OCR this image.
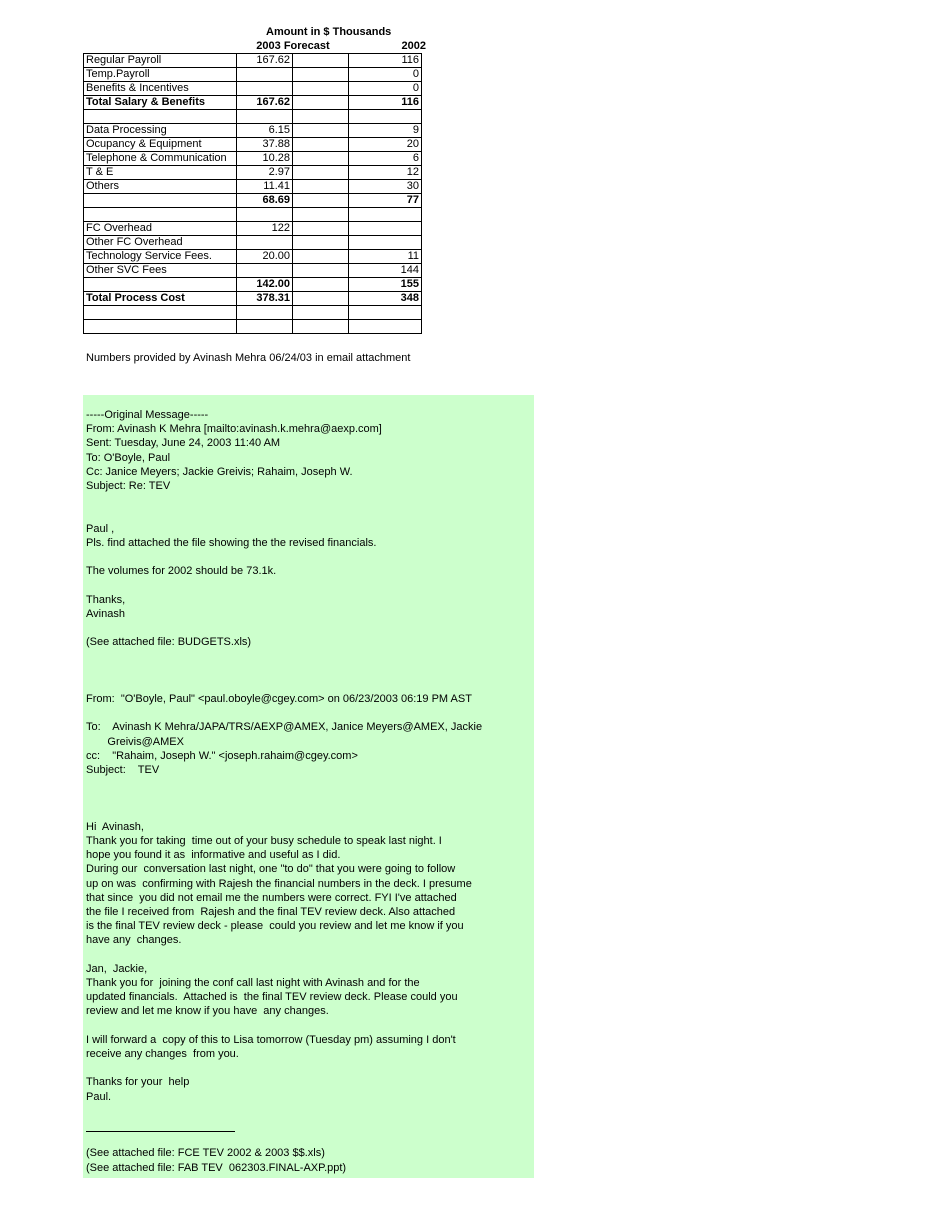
Amount in $ Thousands
2003 Forecast	2002
Regular Payroll	167.62		116
Temp.Payroll			0
Benefits & Incentives			0
Total Salary & Benefits	167.62		116

Data Processing	6.15		9
Ocupancy & Equipment	37.88		20
Telephone & Communication	10.28		6
T & E	2.97		12
Others	11.41		30
	68.69		77

FC Overhead	122		
Other FC Overhead			
Technology Service Fees.	20.00		11
Other SVC Fees			144
	142.00		155
Total Process Cost	378.31		348

Numbers provided by Avinash Mehra 06/24/03 in email attachment
-----Original Message-----
From: Avinash K Mehra [mailto:avinash.k.mehra@aexp.com]
Sent: Tuesday, June 24, 2003 11:40 AM
To: O'Boyle, Paul
Cc: Janice Meyers; Jackie Greivis; Rahaim, Joseph W.
Subject: Re: TEV
Paul ,
Pls. find attached the file showing the the revised financials.
The volumes for 2002 should be 73.1k.
Thanks,
Avinash
(See attached file: BUDGETS.xls)
From:  "O'Boyle, Paul" <paul.oboyle@cgey.com> on 06/23/2003 06:19 PM AST
To:    Avinash K Mehra/JAPA/TRS/AEXP@AMEX, Janice Meyers@AMEX, Jackie
Greivis@AMEX
cc:    "Rahaim, Joseph W." <joseph.rahaim@cgey.com>
Subject:    TEV
Hi  Avinash,
Thank you for taking  time out of your busy schedule to speak last night. I
hope you found it as  informative and useful as I did.
During our  conversation last night, one "to do" that you were going to follow
up on was  confirming with Rajesh the financial numbers in the deck. I presume
that since  you did not email me the numbers were correct. FYI I've attached
the file I received from  Rajesh and the final TEV review deck. Also attached
is the final TEV review deck - please  could you review and let me know if you
have any  changes.
Jan,  Jackie,
Thank you for  joining the conf call last night with Avinash and for the
updated financials.  Attached is  the final TEV review deck. Please could you
review and let me know if you have  any changes.
I will forward a  copy of this to Lisa tomorrow (Tuesday pm) assuming I don't
receive any changes  from you.
Thanks for your  help
Paul.
(See attached file: FCE TEV 2002 & 2003 $$.xls)
(See attached file: FAB TEV  062303.FINAL-AXP.ppt)
